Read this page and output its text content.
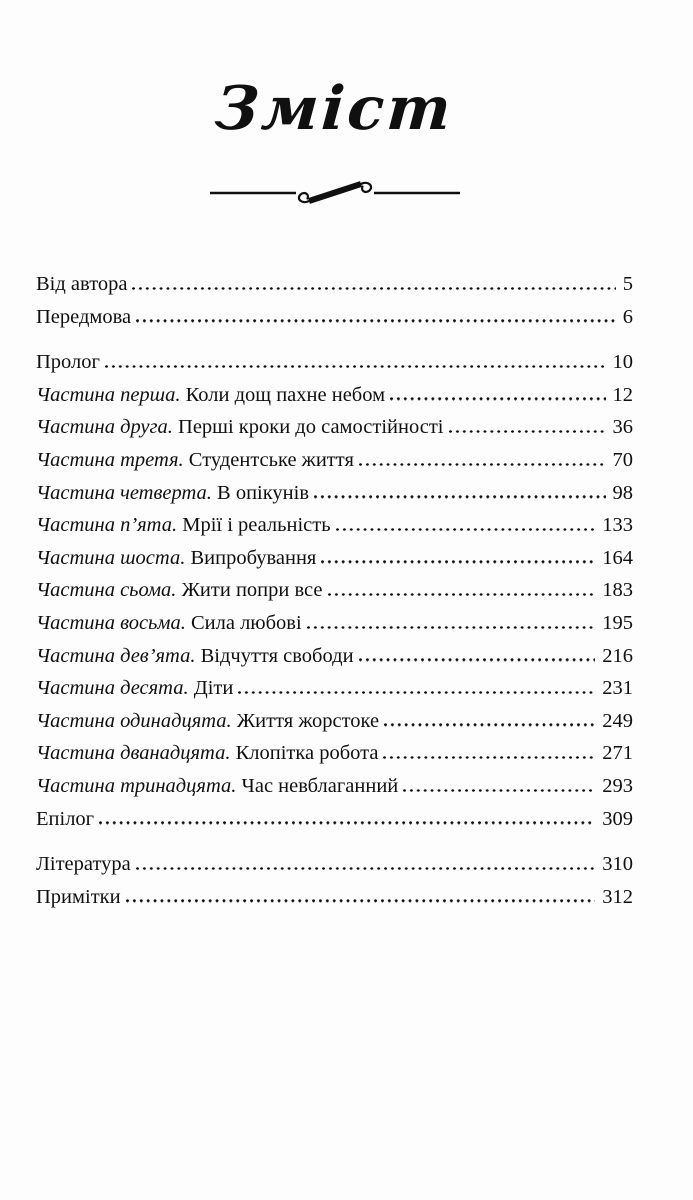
Зміст
Від автора	5
Передмова	6
Пролог	10
Частина перша. Коли дощ пахне небом	12
Частина друга. Перші кроки до самостійності	36
Частина третя. Студентське життя	70
Частина четверта. В опікунів	98
Частина п’ята. Мрії і реальність	133
Частина шоста. Випробування	164
Частина сьома. Жити попри все	183
Частина восьма. Сила любові	195
Частина дев’ята. Відчуття свободи	216
Частина десята. Діти	231
Частина одинадцята. Життя жорстоке	249
Частина дванадцята. Клопітка робота	271
Частина тринадцята. Час невблаганний	293
Епілог	309
Література	310
Примітки	312
